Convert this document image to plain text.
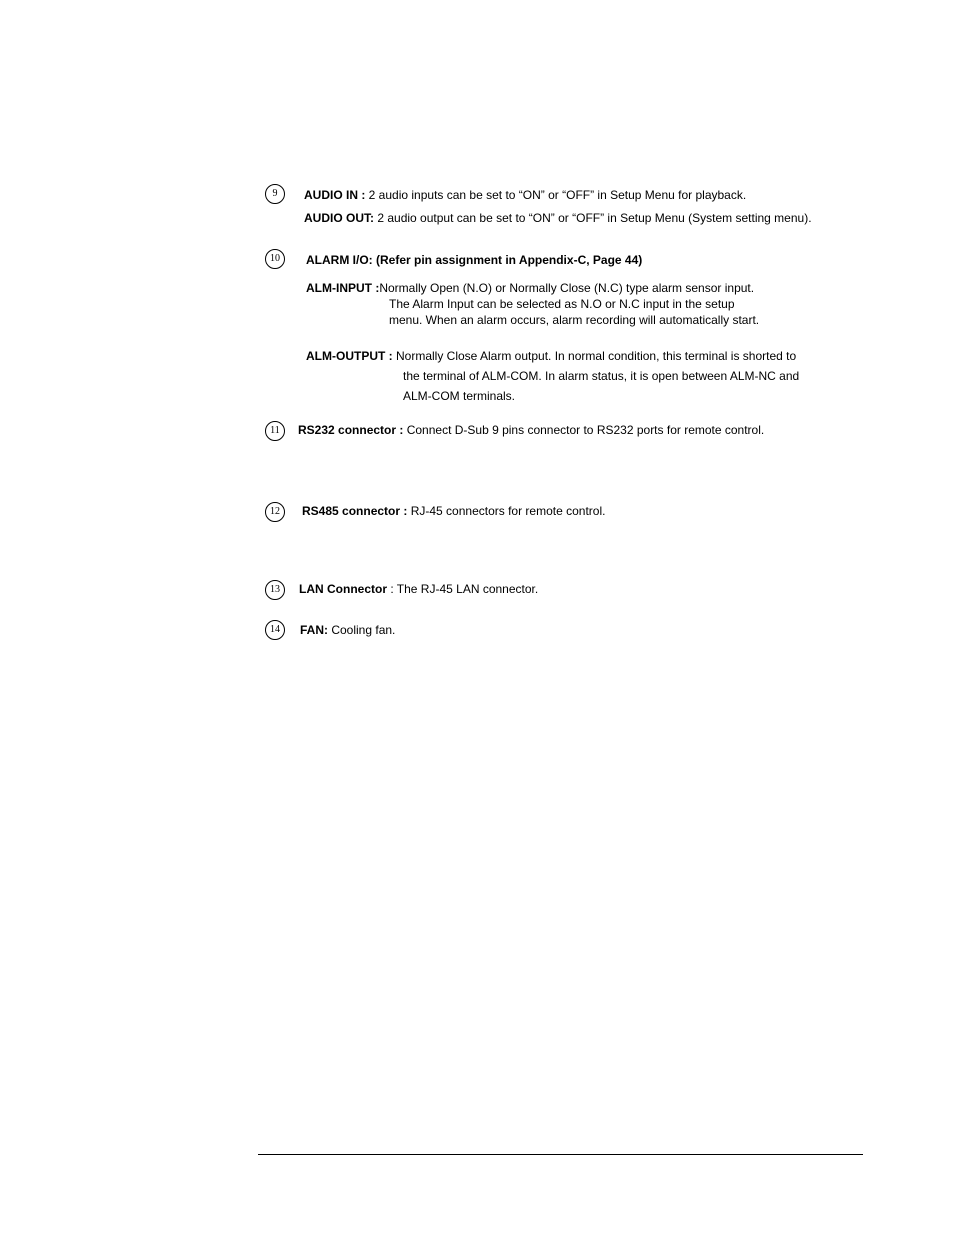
9	AUDIO IN : 2 audio inputs can be set to “ON” or “OFF” in Setup Menu for playback.
AUDIO OUT: 2 audio output can be set to “ON” or “OFF” in Setup Menu (System setting menu).
10	ALARM I/O: (Refer pin assignment in Appendix-C, Page 44)
ALM-INPUT :Normally Open (N.O) or Normally Close (N.C) type alarm sensor input.
The Alarm Input can be selected as N.O or N.C input in the setup
menu. When an alarm occurs, alarm recording will automatically start.
ALM-OUTPUT : Normally Close Alarm output. In normal condition, this terminal is shorted to
the terminal of ALM-COM. In alarm status, it is open between ALM-NC and
ALM-COM terminals.
11	RS232 connector : Connect D-Sub 9 pins connector to RS232 ports for remote control.
12	RS485 connector : RJ-45 connectors for remote control.
13	LAN Connector : The RJ-45 LAN connector.
14	FAN: Cooling fan.
